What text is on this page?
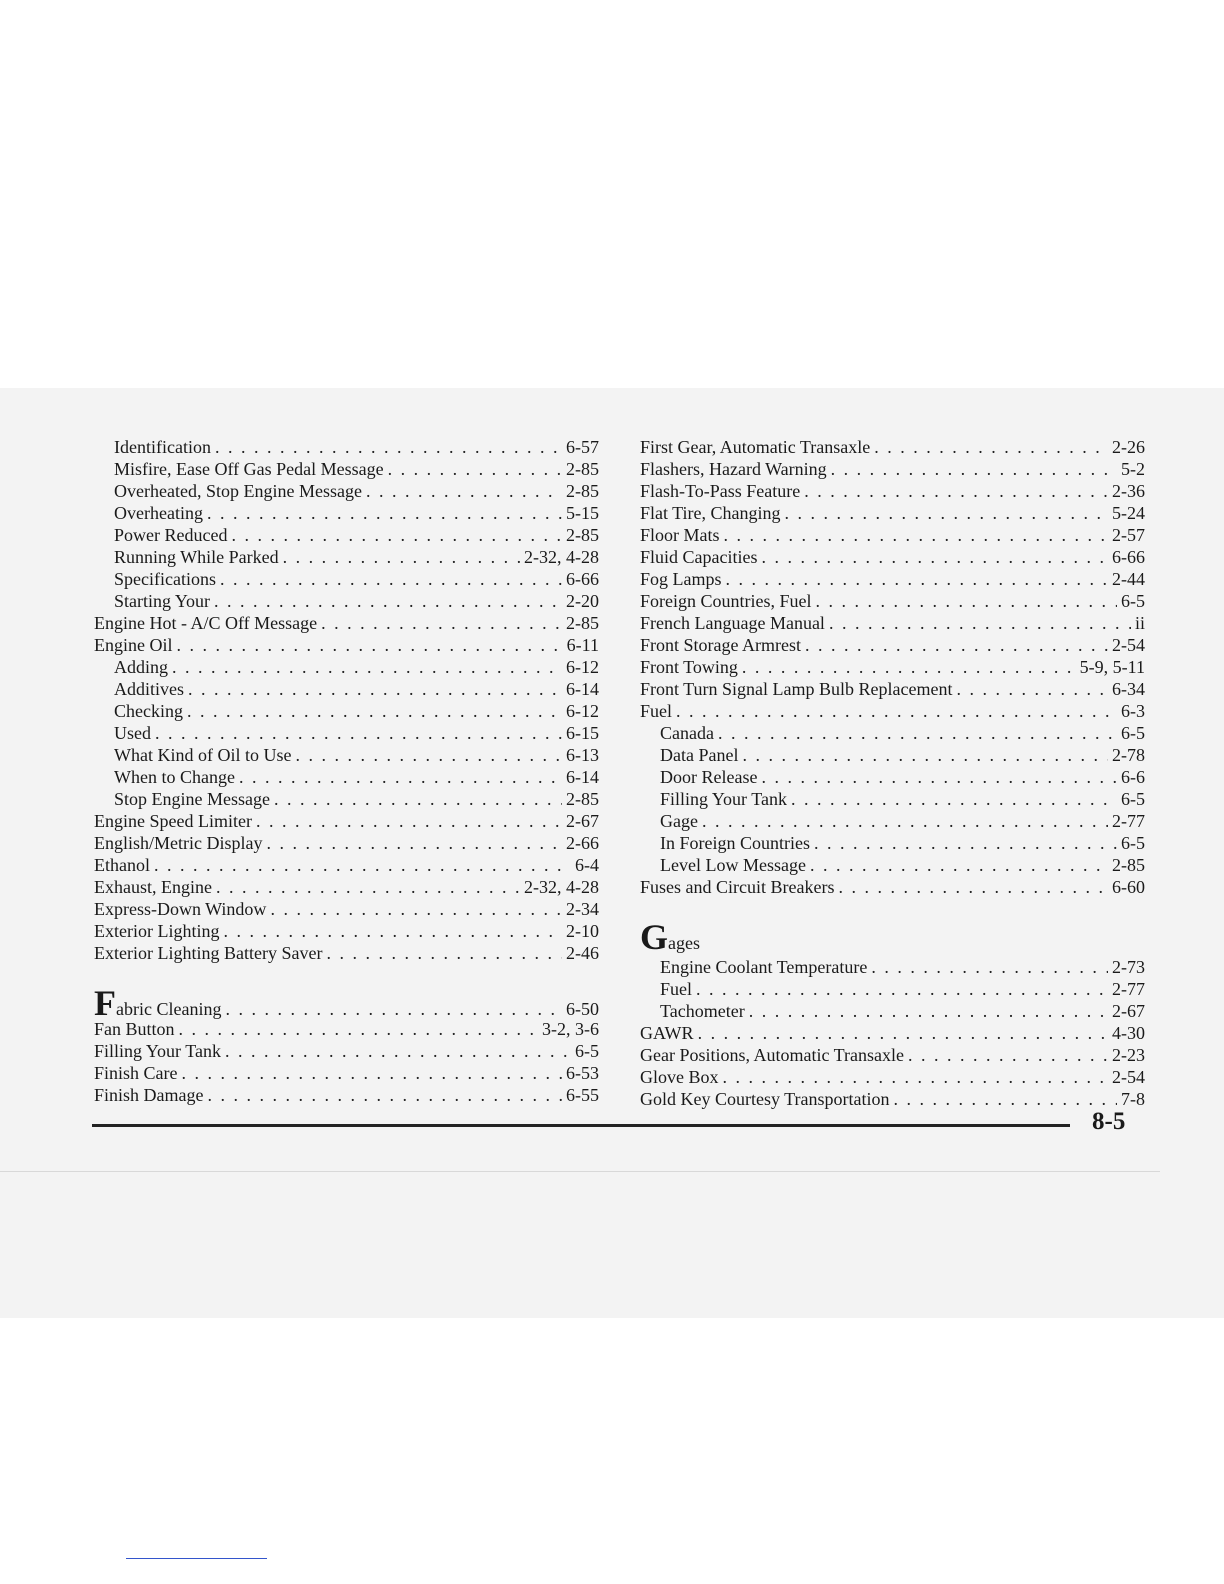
Identification . . .	6-57
Misfire, Ease Off Gas Pedal Message . . .	2-85
Overheated, Stop Engine Message . . .	2-85
Overheating . . .	5-15
Power Reduced . . .	2-85
Running While Parked . . .	2-32, 4-28
Specifications . . .	6-66
Starting Your . . .	2-20
Engine Hot - A/C Off Message . . .	2-85
Engine Oil . . .	6-11
Adding . . .	6-12
Additives . . .	6-14
Checking . . .	6-12
Used . . .	6-15
What Kind of Oil to Use . . .	6-13
When to Change . . .	6-14
Stop Engine Message . . .	2-85
Engine Speed Limiter . . .	2-67
English/Metric Display . . .	2-66
Ethanol . . .	6-4
Exhaust, Engine . . .	2-32, 4-28
Express-Down Window . . .	2-34
Exterior Lighting . . .	2-10
Exterior Lighting Battery Saver . . .	2-46
Fabric Cleaning . . .	6-50
Fan Button . . .	3-2, 3-6
Filling Your Tank . . .	6-5
Finish Care . . .	6-53
Finish Damage . . .	6-55
First Gear, Automatic Transaxle . . .	2-26
Flashers, Hazard Warning . . .	5-2
Flash-To-Pass Feature . . .	2-36
Flat Tire, Changing . . .	5-24
Floor Mats . . .	2-57
Fluid Capacities . . .	6-66
Fog Lamps . . .	2-44
Foreign Countries, Fuel . . .	6-5
French Language Manual . . .	ii
Front Storage Armrest . . .	2-54
Front Towing . . .	5-9, 5-11
Front Turn Signal Lamp Bulb Replacement . . .	6-34
Fuel . . .	6-3
Canada . . .	6-5
Data Panel . . .	2-78
Door Release . . .	6-6
Filling Your Tank . . .	6-5
Gage . . .	2-77
In Foreign Countries . . .	6-5
Level Low Message . . .	2-85
Fuses and Circuit Breakers . . .	6-60
G ages
Engine Coolant Temperature . . .	2-73
Fuel . . .	2-77
Tachometer . . .	2-67
GAWR . . .	4-30
Gear Positions, Automatic Transaxle . . .	2-23
Glove Box . . .	2-54
Gold Key Courtesy Transportation . . .	7-8
8-5
